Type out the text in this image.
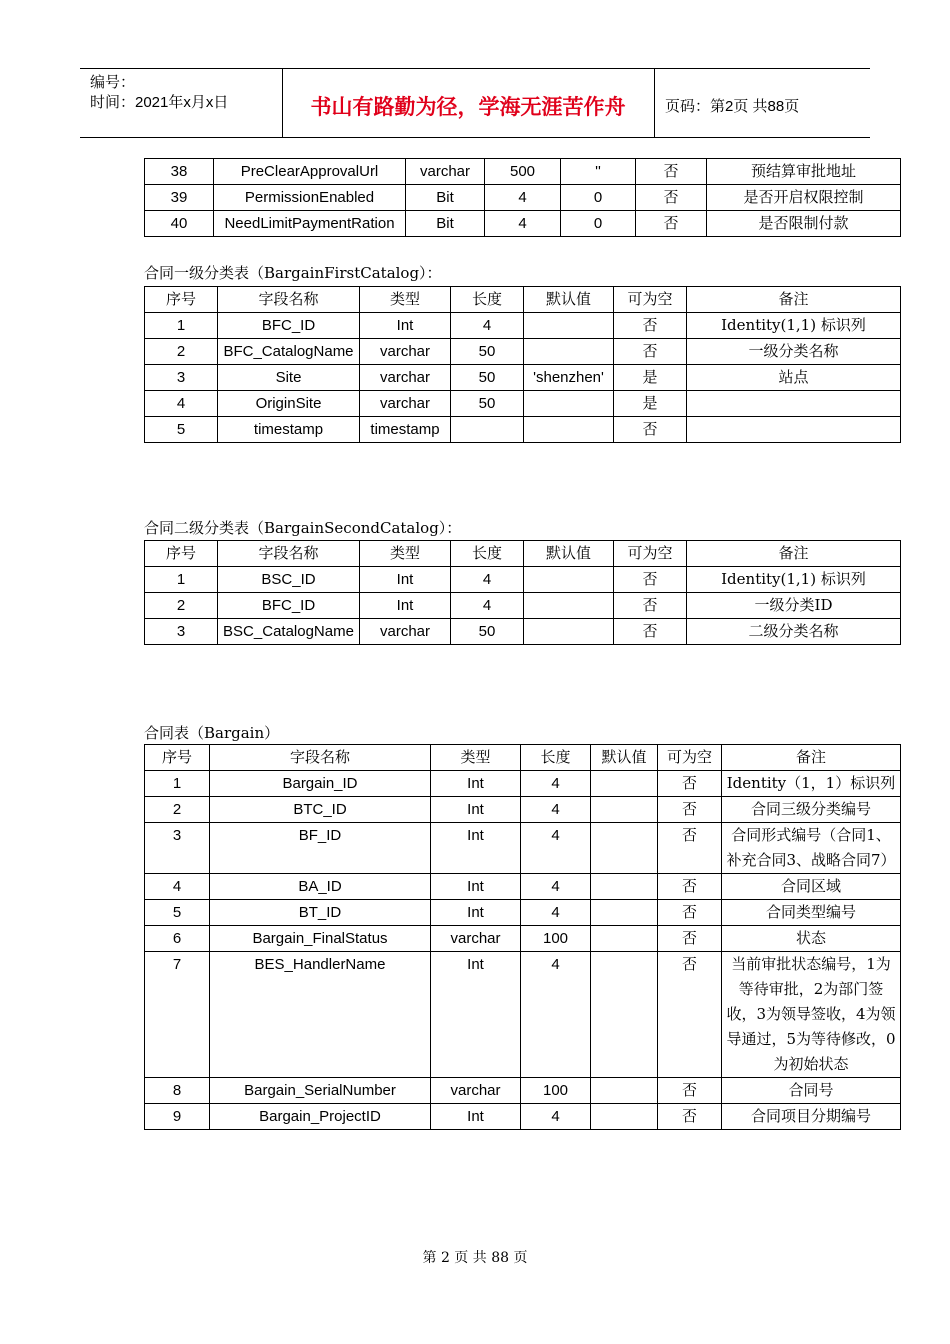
编号：
时间：2021年x月x日	书山有路勤为径，学海无涯苦作舟	页码：第2页 共88页
38	PreClearApprovalUrl	varchar	500	''	否	预结算审批地址
39	PermissionEnabled	Bit	4	0	否	是否开启权限控制
40	NeedLimitPaymentRation	Bit	4	0	否	是否限制付款
合同一级分类表（BargainFirstCatalog）：
序号	字段名称	类型	长度	默认值	可为空	备注
1	BFC_ID	Int	4		否	Identity(1,1) 标识列
2	BFC_CatalogName	varchar	50		否	一级分类名称
3	Site	varchar	50	'shenzhen'	是	站点
4	OriginSite	varchar	50		是	
5	timestamp	timestamp			否	
合同二级分类表（BargainSecondCatalog）：
序号	字段名称	类型	长度	默认值	可为空	备注
1	BSC_ID	Int	4		否	Identity(1,1) 标识列
2	BFC_ID	Int	4		否	一级分类ID
3	BSC_CatalogName	varchar	50		否	二级分类名称
合同表（Bargain）
序号	字段名称	类型	长度	默认值	可为空	备注
1	Bargain_ID	Int	4		否	Identity（1，1）标识列
2	BTC_ID	Int	4		否	合同三级分类编号
3	BF_ID	Int	4		否	合同形式编号（合同1、补充合同3、战略合同7）
4	BA_ID	Int	4		否	合同区域
5	BT_ID	Int	4		否	合同类型编号
6	Bargain_FinalStatus	varchar	100		否	状态
7	BES_HandlerName	Int	4		否	当前审批状态编号，1为等待审批，2为部门签收，3为领导签收，4为领导通过，5为等待修改，0为初始状态
8	Bargain_SerialNumber	varchar	100		否	合同号
9	Bargain_ProjectID	Int	4		否	合同项目分期编号
第 2 页 共 88 页
